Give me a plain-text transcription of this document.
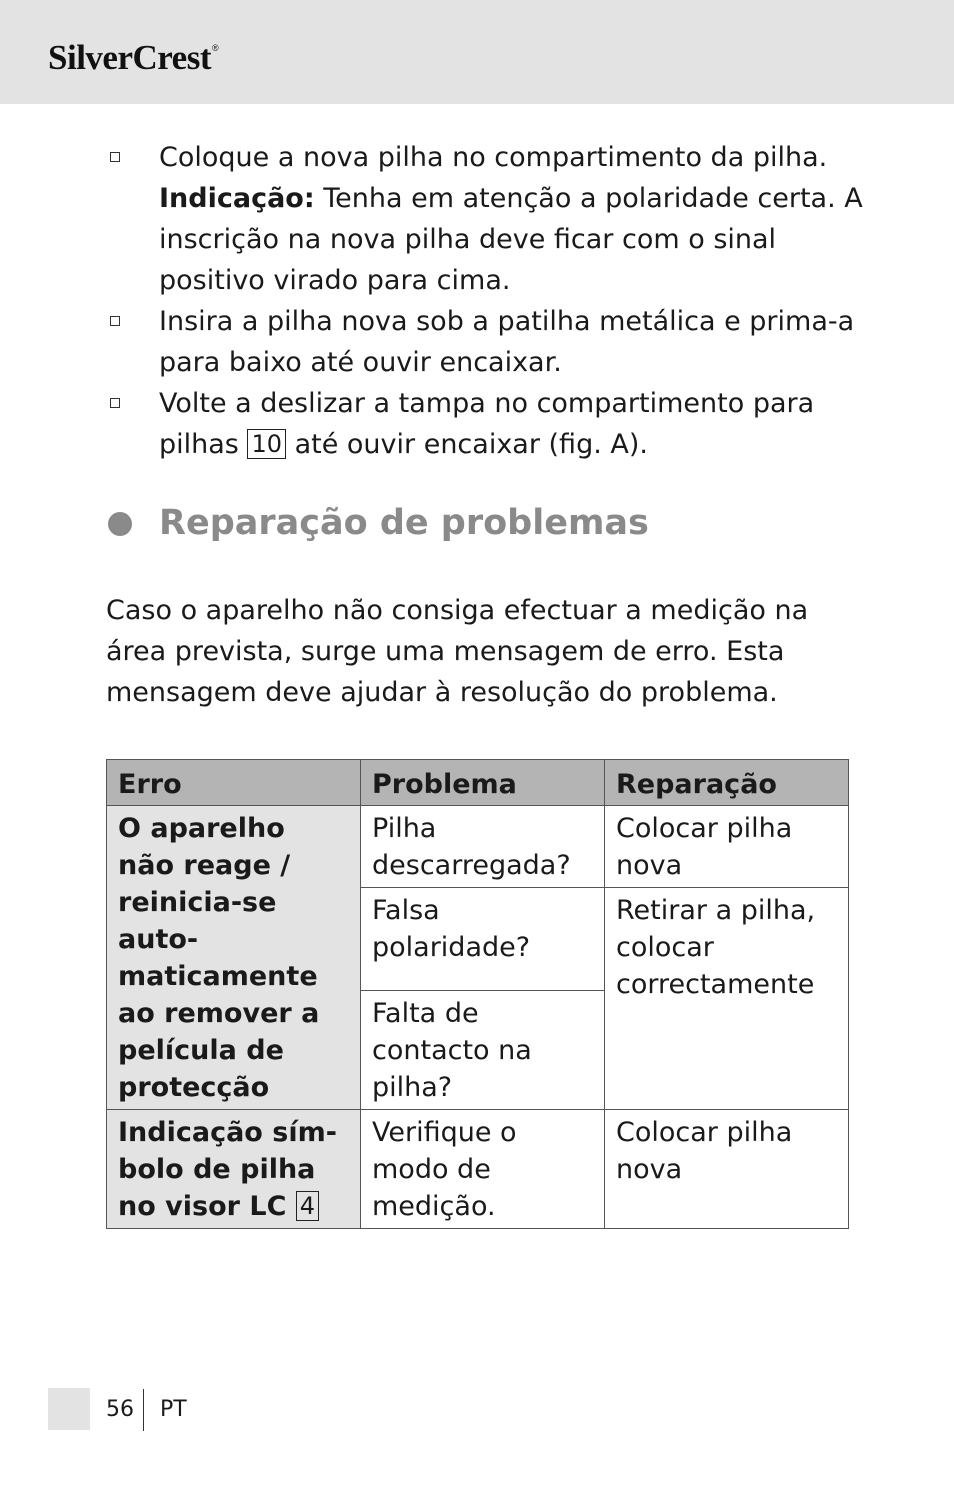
SilverCrest®
Coloque a nova pilha no compartimento da pilha.
Indicação: Tenha em atenção a polaridade certa. A inscrição na nova pilha deve ficar com o sinal positivo virado para cima.
Insira a pilha nova sob a patilha metálica e prima-a para baixo até ouvir encaixar.
Volte a deslizar a tampa no compartimento para pilhas 10 até ouvir encaixar (fig. A).
Reparação de problemas
Caso o aparelho não consiga efectuar a medição na área prevista, surge uma mensagem de erro. Esta mensagem deve ajudar à resolução do problema.
Erro	Problema	Reparação
O aparelho não reage / reinicia-se automaticamente ao remover a película de protecção	Pilha descarregada?	Colocar pilha nova
	Falsa polaridade?	Retirar a pilha, colocar correctamente
	Falta de contacto na pilha?	
Indicação símbolo de pilha no visor LC 4	Verifique o modo de medição.	Colocar pilha nova
56 PT
